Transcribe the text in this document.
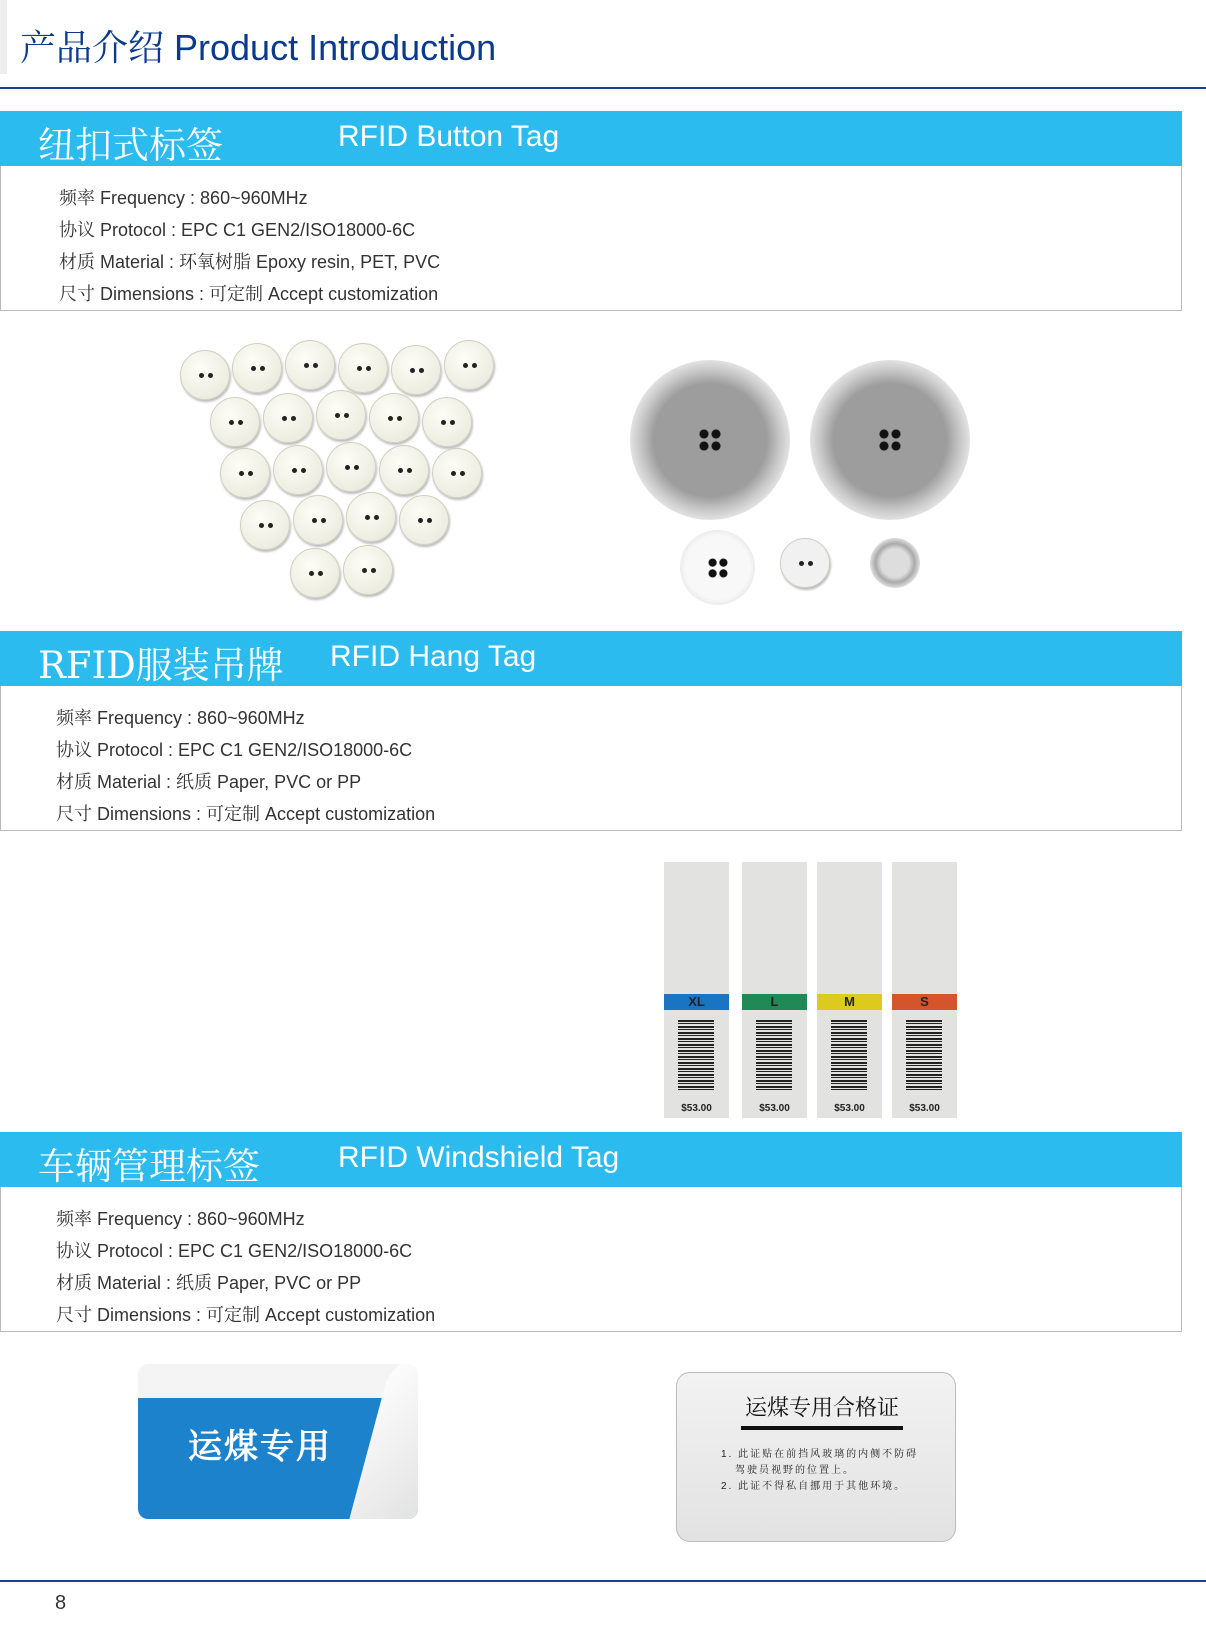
产品介绍 Product Introduction
纽扣式标签	RFID Button Tag
频率 Frequency : 860~960MHz
协议 Protocol : EPC C1 GEN2/ISO18000-6C
材质 Material : 环氧树脂 Epoxy resin, PET, PVC
尺寸 Dimensions : 可定制 Accept customization
RFID服装吊牌 RFID Hang Tag
频率 Frequency : 860~960MHz
协议 Protocol : EPC C1 GEN2/ISO18000-6C
材质 Material : 纸质 Paper, PVC or PP
尺寸 Dimensions : 可定制 Accept customization
XL
$53.00
L
$53.00
M
$53.00
S
$53.00
车辆管理标签	RFID Windshield Tag
频率 Frequency : 860~960MHz
协议 Protocol : EPC C1 GEN2/ISO18000-6C
材质 Material : 纸质 Paper, PVC or PP
尺寸 Dimensions : 可定制 Accept customization
运煤专用
运煤专用合格证
1. 此证贴在前挡风玻璃的内侧不防碍
驾驶员视野的位置上。
2. 此证不得私自挪用于其他环境。
8
